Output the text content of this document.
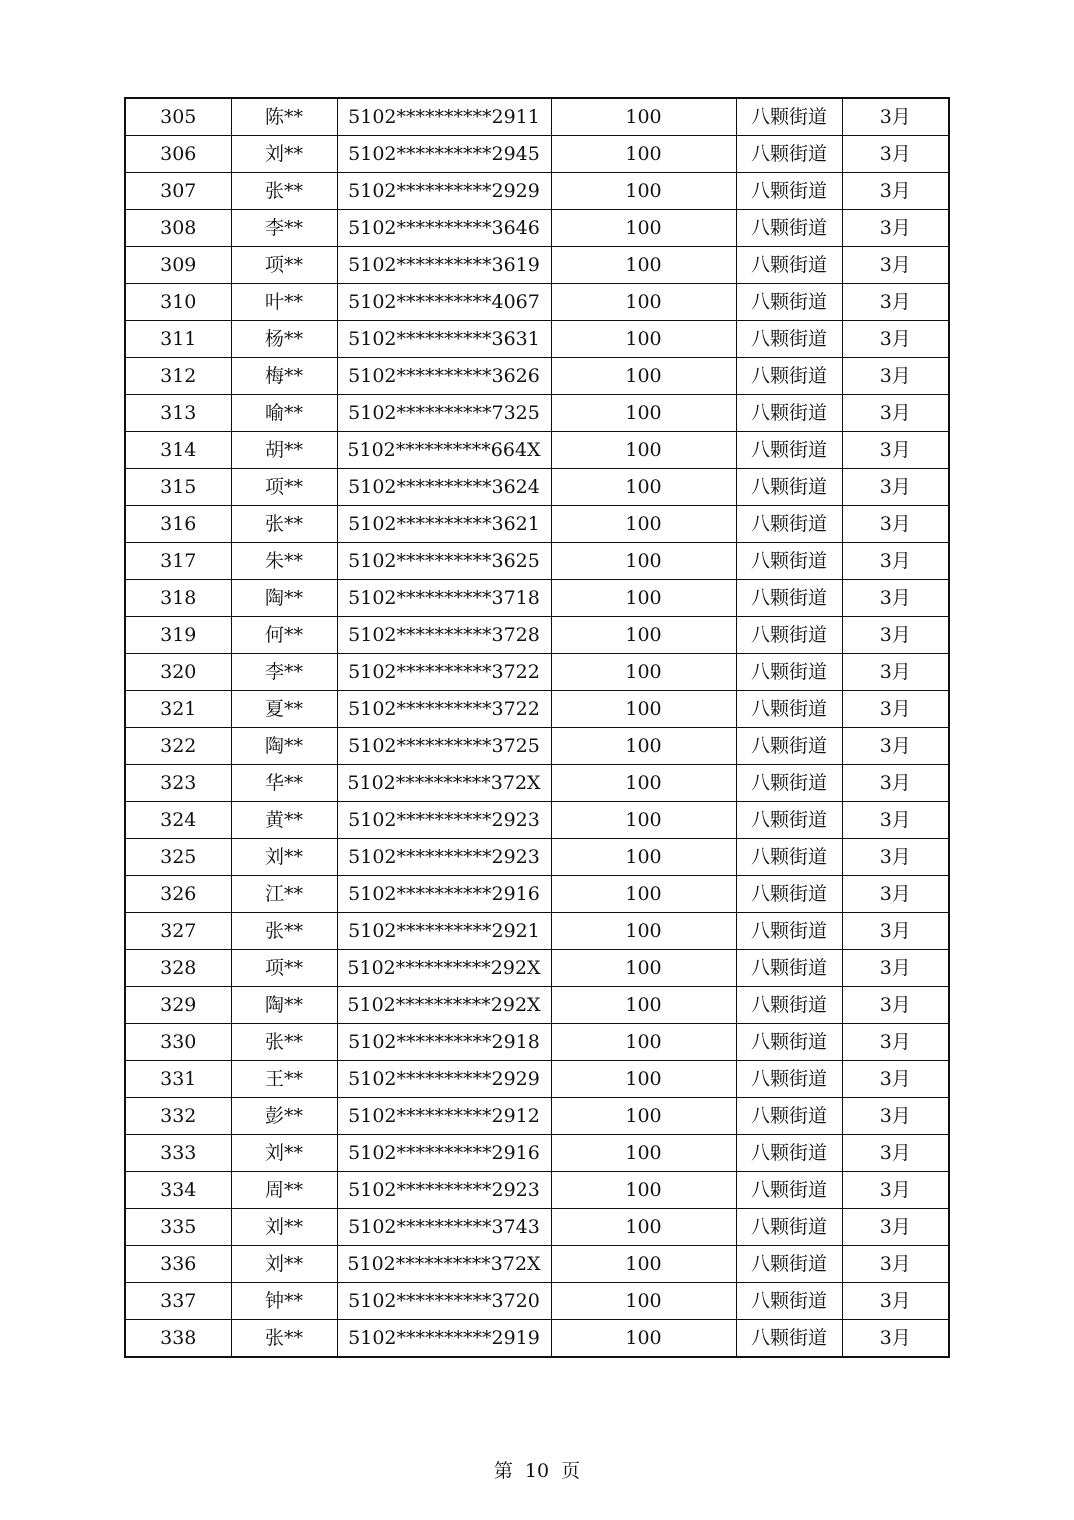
305	陈**	5102**********2911	100	八颗街道	3月
306	刘**	5102**********2945	100	八颗街道	3月
307	张**	5102**********2929	100	八颗街道	3月
308	李**	5102**********3646	100	八颗街道	3月
309	项**	5102**********3619	100	八颗街道	3月
310	叶**	5102**********4067	100	八颗街道	3月
311	杨**	5102**********3631	100	八颗街道	3月
312	梅**	5102**********3626	100	八颗街道	3月
313	喻**	5102**********7325	100	八颗街道	3月
314	胡**	5102**********664X	100	八颗街道	3月
315	项**	5102**********3624	100	八颗街道	3月
316	张**	5102**********3621	100	八颗街道	3月
317	朱**	5102**********3625	100	八颗街道	3月
318	陶**	5102**********3718	100	八颗街道	3月
319	何**	5102**********3728	100	八颗街道	3月
320	李**	5102**********3722	100	八颗街道	3月
321	夏**	5102**********3722	100	八颗街道	3月
322	陶**	5102**********3725	100	八颗街道	3月
323	华**	5102**********372X	100	八颗街道	3月
324	黄**	5102**********2923	100	八颗街道	3月
325	刘**	5102**********2923	100	八颗街道	3月
326	江**	5102**********2916	100	八颗街道	3月
327	张**	5102**********2921	100	八颗街道	3月
328	项**	5102**********292X	100	八颗街道	3月
329	陶**	5102**********292X	100	八颗街道	3月
330	张**	5102**********2918	100	八颗街道	3月
331	王**	5102**********2929	100	八颗街道	3月
332	彭**	5102**********2912	100	八颗街道	3月
333	刘**	5102**********2916	100	八颗街道	3月
334	周**	5102**********2923	100	八颗街道	3月
335	刘**	5102**********3743	100	八颗街道	3月
336	刘**	5102**********372X	100	八颗街道	3月
337	钟**	5102**********3720	100	八颗街道	3月
338	张**	5102**********2919	100	八颗街道	3月
第 10 页
